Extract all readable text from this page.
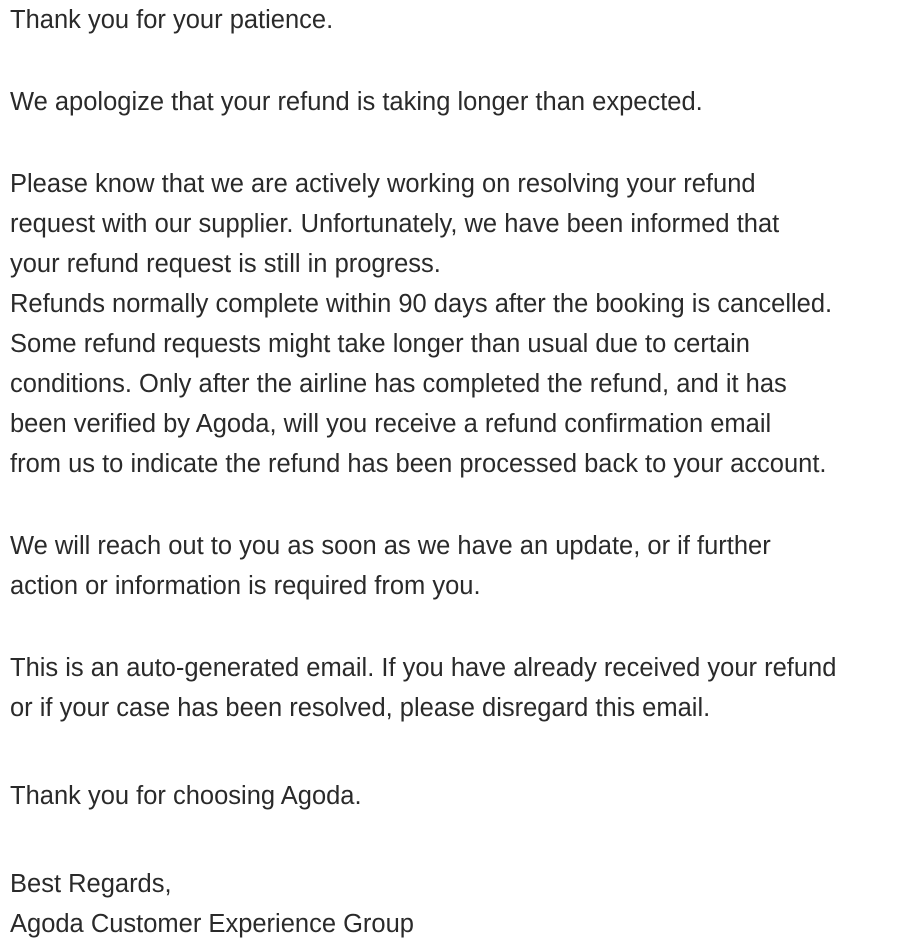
Thank you for your patience.
We apologize that your refund is taking longer than expected.
Please know that we are actively working on resolving your refund
request with our supplier. Unfortunately, we have been informed that
your refund request is still in progress.
Refunds normally complete within 90 days after the booking is cancelled.
Some refund requests might take longer than usual due to certain
conditions. Only after the airline has completed the refund, and it has
been verified by Agoda, will you receive a refund confirmation email
from us to indicate the refund has been processed back to your account.
We will reach out to you as soon as we have an update, or if further
action or information is required from you.
This is an auto-generated email. If you have already received your refund
or if your case has been resolved, please disregard this email.
Thank you for choosing Agoda.
Best Regards,
Agoda Customer Experience Group
